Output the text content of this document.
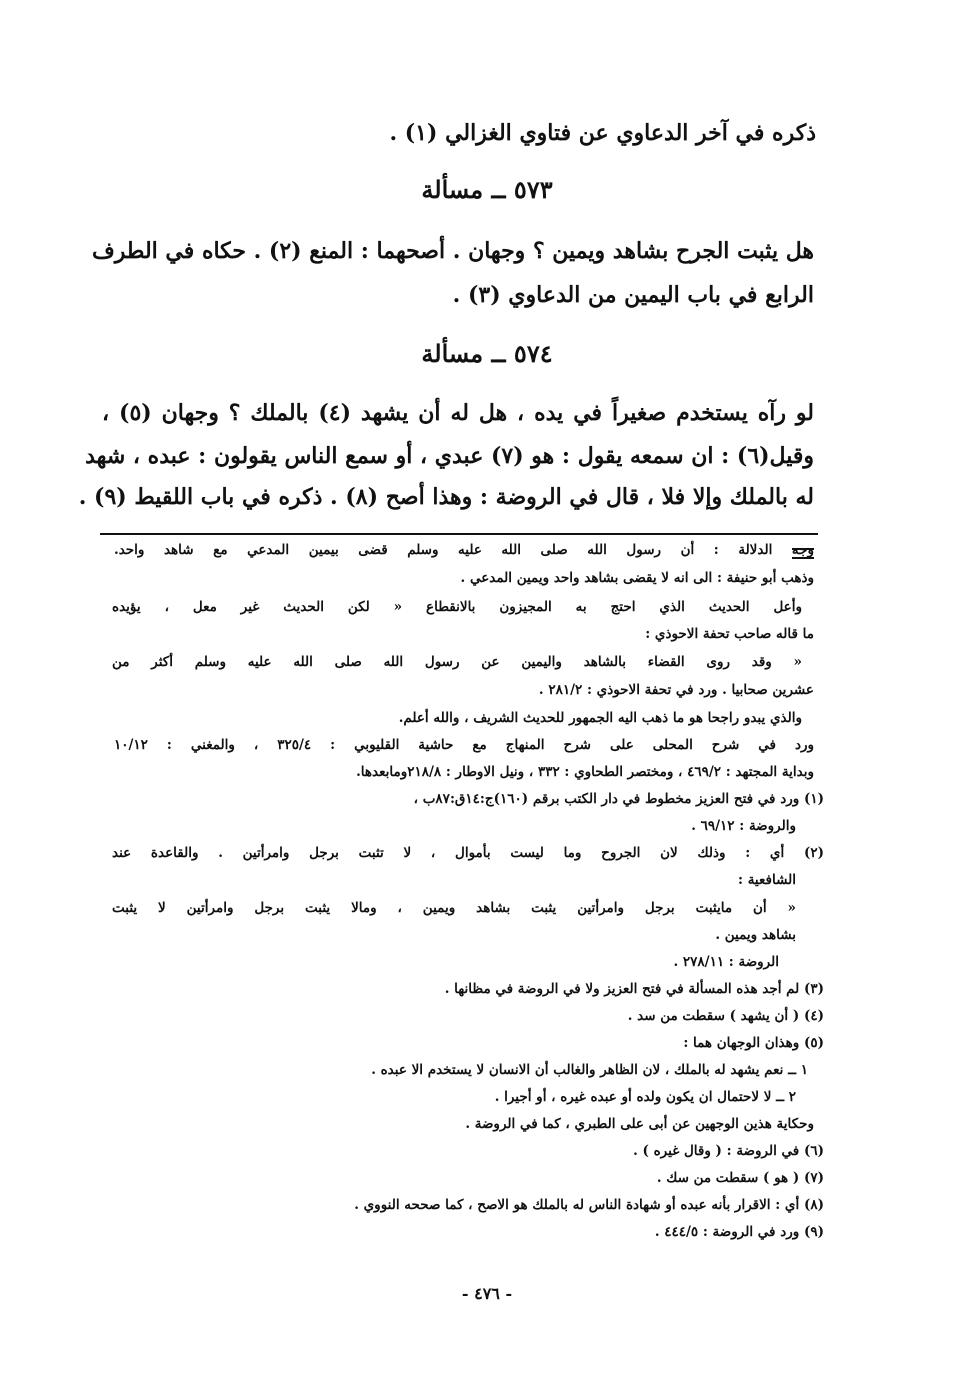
ذكره في آخر الدعاوي عن فتاوي الغزالي (١) .
٥٧٣ ــ مسألة
هل يثبت الجرح بشاهد ويمين ؟ وجهان . أصحهما : المنع (٢) . حكاه في الطرف
الرابع في باب اليمين من الدعاوي (٣) .
٥٧٤ ــ مسألة
لو رآه يستخدم صغيراً في يده ، هل له أن يشهد (٤) بالملك ؟ وجهان (٥) ،
وقيل(٦) : ان سمعه يقول : هو (٧) عبدي ، أو سمع الناس يقولون : عبده ، شهد
له بالملك وإلا فلا ، قال في الروضة : وهذا أصح (٨) . ذكره في باب اللقيط (٩) .
وجه الدلالة : أن رسول الله صلى الله عليه وسلم قضى بيمين المدعي مع شاهد واحد.
وذهب أبو حنيفة : الى انه لا يقضى بشاهد واحد ويمين المدعي .
وأعل الحديث الذي احتج به المجيزون بالانقطاع « لكن الحديث غير معل ، يؤيده
ما قاله صاحب تحفة الاحوذي :
« وقد روى القضاء بالشاهد واليمين عن رسول الله صلى الله عليه وسلم أكثر من
عشرين صحابيا . ورد في تحفة الاحوذي : ٢٨١/٢ .
والذي يبدو راجحا هو ما ذهب اليه الجمهور للحديث الشريف ، والله أعلم.
ورد في شرح المحلى على شرح المنهاج مع حاشية القليوبي : ٣٢٥/٤ ، والمغني : ١٠/١٢
وبداية المجتهد : ٤٦٩/٢ ، ومختصر الطحاوي : ٣٣٢ ، ونيل الاوطار : ٢١٨/٨ومابعدها.
(١) ورد في فتح العزيز مخطوط في دار الكتب برقم (١٦٠)ج:١٤ق:٨٧ب ،
والروضة : ٦٩/١٢ .
(٢) أي : وذلك لان الجروح وما ليست بأموال ، لا تثبت برجل وامرأتين . والقاعدة عند
الشافعية :
« أن مايثبت برجل وامرأتين يثبت بشاهد ويمين ، ومالا يثبت برجل وامرأتين لا يثبت
بشاهد ويمين .
الروضة : ٢٧٨/١١ .
(٣) لم أجد هذه المسألة في فتح العزيز ولا في الروضة في مظانها .
(٤) ( أن يشهد ) سقطت من سد .
(٥) وهذان الوجهان هما :
١ ــ نعم يشهد له بالملك ، لان الظاهر والغالب أن الانسان لا يستخدم الا عبده .
٢ ــ لا لاحتمال ان يكون ولده أو عبده غيره ، أو أجيرا .
وحكاية هذين الوجهين عن أبى على الطبري ، كما في الروضة .
(٦) في الروضة : ( وقال غيره ) .
(٧) ( هو ) سقطت من سك .
(٨) أي : الاقرار بأنه عبده أو شهادة الناس له بالملك هو الاصح ، كما صححه النووي .
(٩) ورد في الروضة : ٤٤٤/٥ .
- ٤٧٦ -
